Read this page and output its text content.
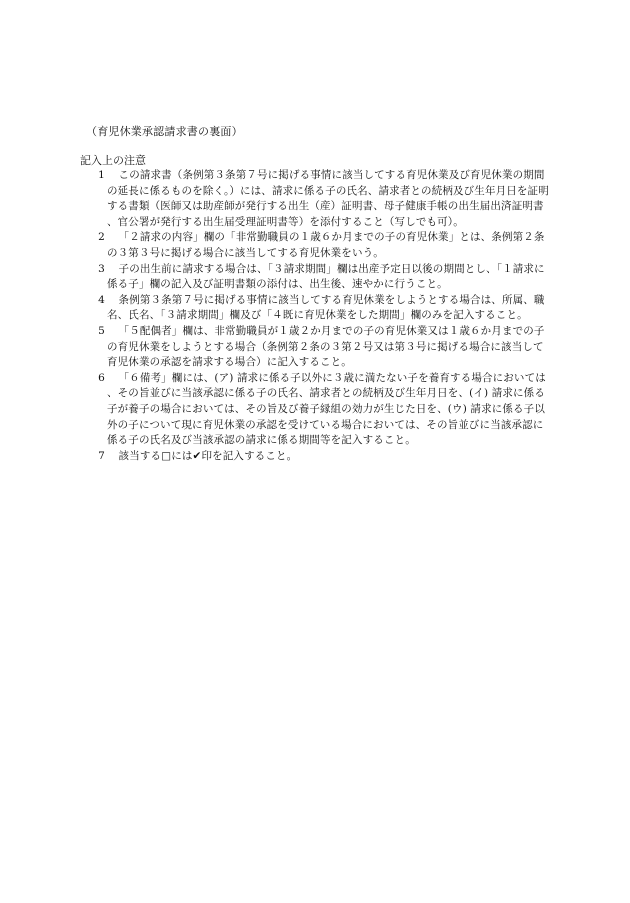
（育児休業承認請求書の裏面）
記入上の注意
1	この請求書（条例第３条第７号に掲げる事情に該当してする育児休業及び育児休業の期間の延長に係るものを除く。）には、請求に係る子の氏名、請求者との続柄及び生年月日を証明する書類（医師又は助産師が発行する出生（産）証明書、母子健康手帳の出生届出済証明書、官公署が発行する出生届受理証明書等）を添付すること（写しでも可）。
2	「２請求の内容」欄の「非常勤職員の１歳６か月までの子の育児休業」とは、条例第２条の３第３号に掲げる場合に該当してする育児休業をいう。
3	子の出生前に請求する場合は、「３請求期間」欄は出産予定日以後の期間とし、「１請求に係る子」欄の記入及び証明書類の添付は、出生後、速やかに行うこと。
4	条例第３条第７号に掲げる事情に該当してする育児休業をしようとする場合は、所属、職名、氏名、「３請求期間」欄及び「４既に育児休業をした期間」欄のみを記入すること。
5	「５配偶者」欄は、非常勤職員が１歳２か月までの子の育児休業又は１歳６か月までの子の育児休業をしようとする場合（条例第２条の３第２号又は第３号に掲げる場合に該当して育児休業の承認を請求する場合）に記入すること。
6	「６備考」欄には、(ア) 請求に係る子以外に３歳に満たない子を養育する場合においては、その旨並びに当該承認に係る子の氏名、請求者との続柄及び生年月日を、(イ) 請求に係る子が養子の場合においては、その旨及び養子縁組の効力が生じた日を、(ウ) 請求に係る子以外の子について現に育児休業の承認を受けている場合においては、その旨並びに当該承認に係る子の氏名及び当該承認の請求に係る期間等を記入すること。
7	該当する□には✔印を記入すること。
